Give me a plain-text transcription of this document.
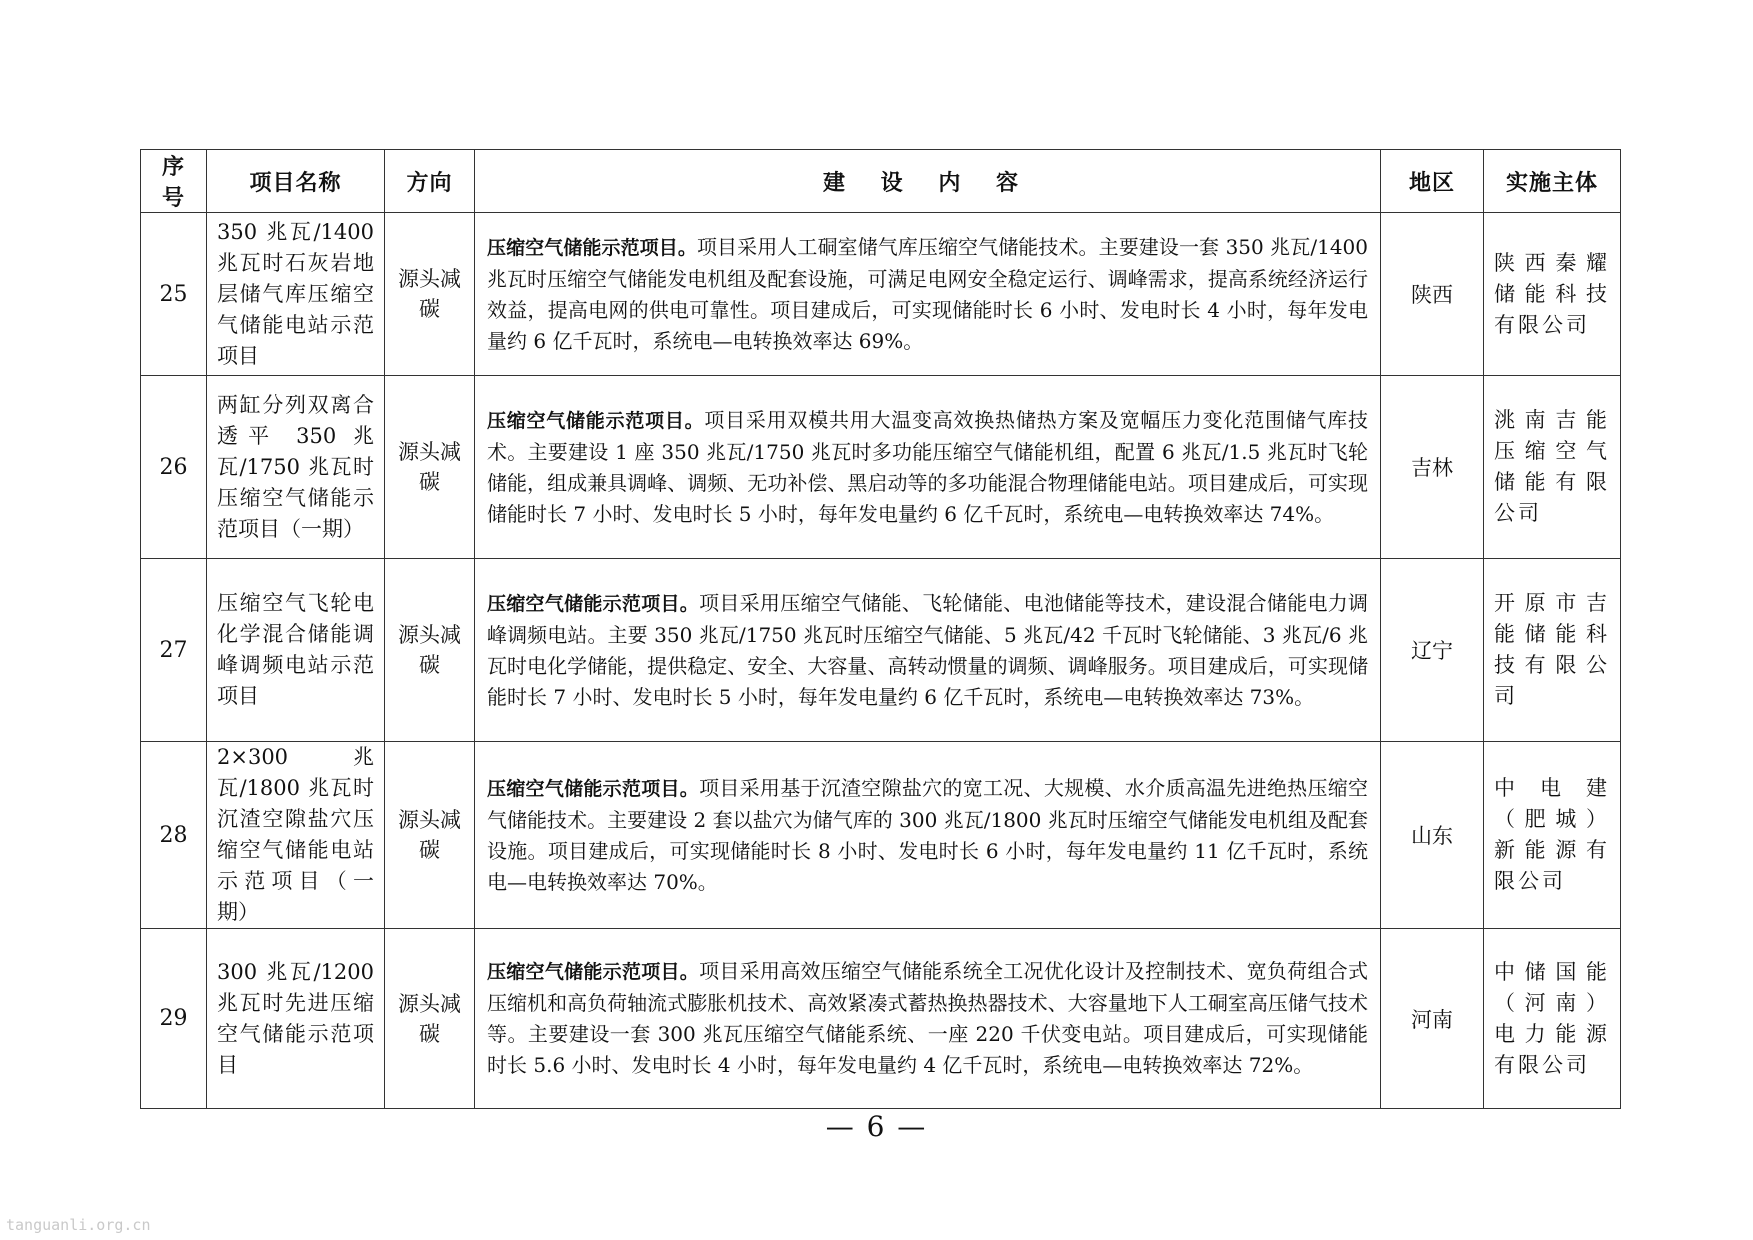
序号	项目名称	方向	建 设 内 容	地区	实施主体
25	350 兆瓦/1400 兆瓦时石灰岩地层储气库压缩空气储能电站示范项目	源头减碳	压缩空气储能示范项目。项目采用人工硐室储气库压缩空气储能技术。主要建设一套 350 兆瓦/1400 兆瓦时压缩空气储能发电机组及配套设施，可满足电网安全稳定运行、调峰需求，提高系统经济运行效益，提高电网的供电可靠性。项目建成后，可实现储能时长 6 小时、发电时长 4 小时，每年发电量约 6 亿千瓦时，系统电—电转换效率达 69%。	陕西	陕西秦耀储能科技有限公司
26	两缸分列双离合透平 350 兆瓦/1750 兆瓦时压缩空气储能示范项目（一期）	源头减碳	压缩空气储能示范项目。项目采用双模共用大温变高效换热储热方案及宽幅压力变化范围储气库技术。主要建设 1 座 350 兆瓦/1750 兆瓦时多功能压缩空气储能机组，配置 6 兆瓦/1.5 兆瓦时飞轮储能，组成兼具调峰、调频、无功补偿、黑启动等的多功能混合物理储能电站。项目建成后，可实现储能时长 7 小时、发电时长 5 小时，每年发电量约 6 亿千瓦时，系统电—电转换效率达 74%。	吉林	洮南吉能压缩空气储能有限公司
27	压缩空气飞轮电化学混合储能调峰调频电站示范项目	源头减碳	压缩空气储能示范项目。项目采用压缩空气储能、飞轮储能、电池储能等技术，建设混合储能电力调峰调频电站。主要 350 兆瓦/1750 兆瓦时压缩空气储能、5 兆瓦/42 千瓦时飞轮储能、3 兆瓦/6 兆瓦时电化学储能，提供稳定、安全、大容量、高转动惯量的调频、调峰服务。项目建成后，可实现储能时长 7 小时、发电时长 5 小时，每年发电量约 6 亿千瓦时，系统电—电转换效率达 73%。	辽宁	开原市吉能储能科技有限公司
28	2×300 兆瓦/1800 兆瓦时沉渣空隙盐穴压缩空气储能电站示范项目（一期）	源头减碳	压缩空气储能示范项目。项目采用基于沉渣空隙盐穴的宽工况、大规模、水介质高温先进绝热压缩空气储能技术。主要建设 2 套以盐穴为储气库的 300 兆瓦/1800 兆瓦时压缩空气储能发电机组及配套设施。项目建成后，可实现储能时长 8 小时、发电时长 6 小时，每年发电量约 11 亿千瓦时，系统电—电转换效率达 70%。	山东	中电建（肥城）新能源有限公司
29	300 兆瓦/1200 兆瓦时先进压缩空气储能示范项目	源头减碳	压缩空气储能示范项目。项目采用高效压缩空气储能系统全工况优化设计及控制技术、宽负荷组合式压缩机和高负荷轴流式膨胀机技术、高效紧凑式蓄热换热器技术、大容量地下人工硐室高压储气技术等。主要建设一套 300 兆瓦压缩空气储能系统、一座 220 千伏变电站。项目建成后，可实现储能时长 5.6 小时、发电时长 4 小时，每年发电量约 4 亿千瓦时，系统电—电转换效率达 72%。	河南	中储国能（河南）电力能源有限公司
— 6 —
tanguanli.org.cn
